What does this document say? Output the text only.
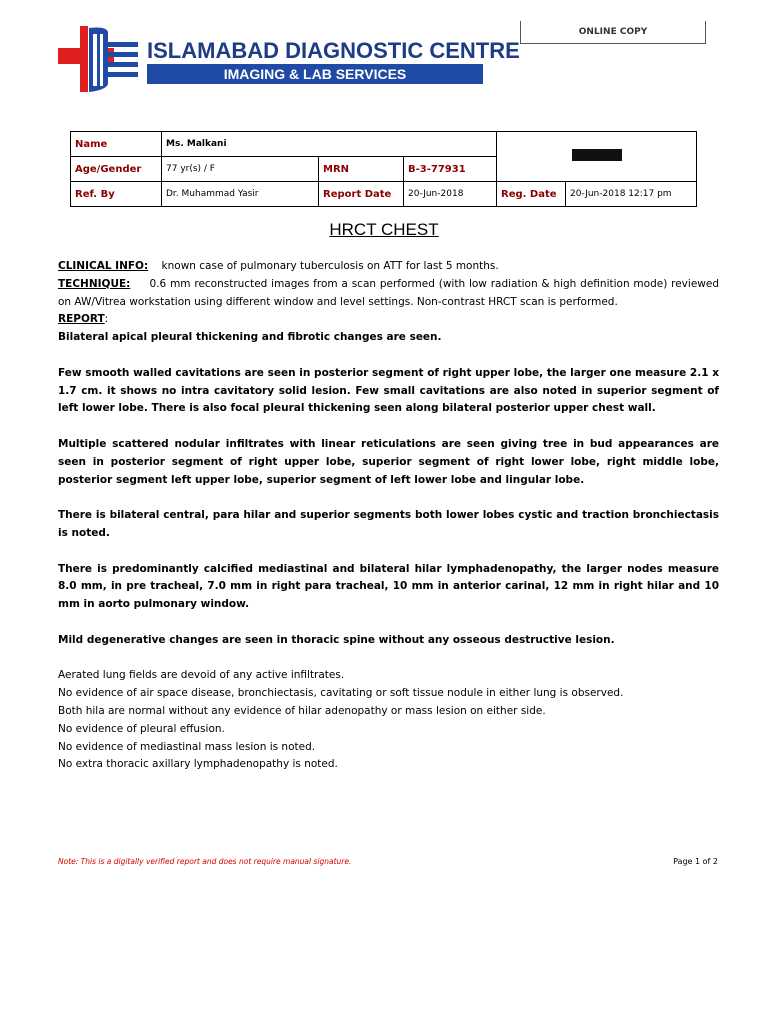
ISLAMABAD DIAGNOSTIC CENTRE
IMAGING & LAB SERVICES
ONLINE COPY
Name	Ms. Malkani				
Age/Gender	77 yr(s) / F	MRN	B-3-77931		
Ref. By	Dr. Muhammad Yasir	Report Date	20-Jun-2018	Reg. Date	20-Jun-2018 12:17 pm
HRCT CHEST

CLINICAL INFO: known case of pulmonary tuberculosis on ATT for last 5 months.

TECHNIQUE: 0.6 mm reconstructed images from a scan performed (with low radiation & high definition mode) reviewed on AW/Vitrea workstation using different window and level settings. Non-contrast HRCT scan is performed.

REPORT:

Bilateral apical pleural thickening and fibrotic changes are seen.

Few smooth walled cavitations are seen in posterior segment of right upper lobe, the larger one measure 2.1 x 1.7 cm. it shows no intra cavitatory solid lesion. Few small cavitations are also noted in superior segment of left lower lobe. There is also focal pleural thickening seen along bilateral posterior upper chest wall.

Multiple scattered nodular infiltrates with linear reticulations are seen giving tree in bud appearances are seen in posterior segment of right upper lobe, superior segment of right lower lobe, right middle lobe, posterior segment left upper lobe, superior segment of left lower lobe and lingular lobe.

There is bilateral central, para hilar and superior segments both lower lobes cystic and traction bronchiectasis is noted.

There is predominantly calcified mediastinal and bilateral hilar lymphadenopathy, the larger nodes measure 8.0 mm, in pre tracheal, 7.0 mm in right para tracheal, 10 mm in anterior carinal, 12 mm in right hilar and 10 mm in aorto pulmonary window.

Mild degenerative changes are seen in thoracic spine without any osseous destructive lesion.

Aerated lung fields are devoid of any active infiltrates.

No evidence of air space disease, bronchiectasis, cavitating or soft tissue nodule in either lung is observed.

Both hila are normal without any evidence of hilar adenopathy or mass lesion on either side.

No evidence of pleural effusion.

No evidence of mediastinal mass lesion is noted.

No extra thoracic axillary lymphadenopathy is noted.

Note: This is a digitally verified report and does not require manual signature.	Page 1 of 2
